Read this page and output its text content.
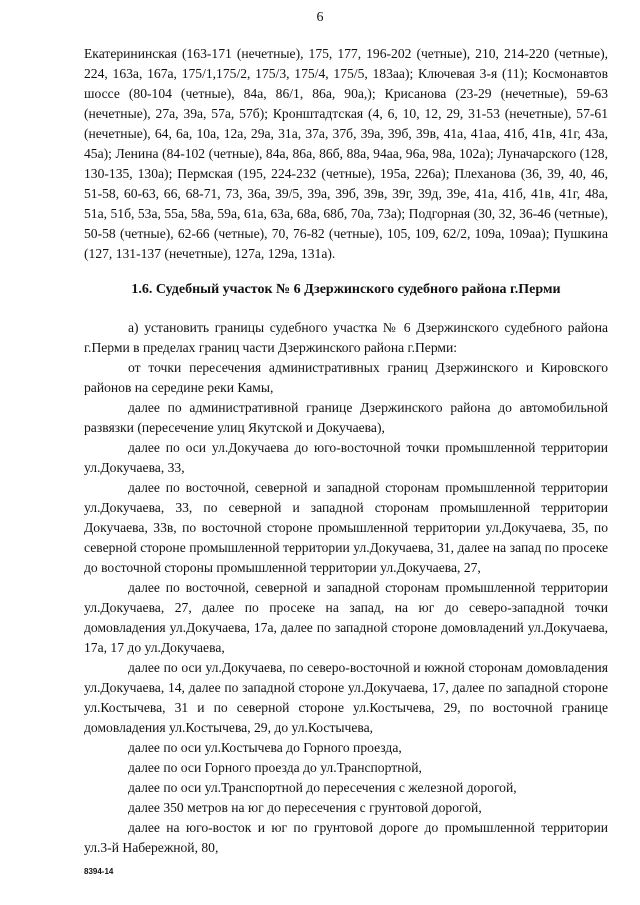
6

Екатерининская (163-171 (нечетные), 175, 177, 196-202 (четные), 210, 214-220 (четные), 224, 163а, 167а, 175/1,175/2, 175/3, 175/4, 175/5, 183аа); Ключевая 3-я (11); Космонавтов шоссе (80-104 (четные), 84а, 86/1, 86а, 90а,); Крисанова (23-29 (нечетные), 59-63 (нечетные), 27а, 39а, 57а, 57б); Кронштадтская (4, 6, 10, 12, 29, 31-53 (нечетные), 57-61 (нечетные), 64, 6а, 10а, 12а, 29а, 31а, 37а, 37б, 39а, 39б, 39в, 41а, 41аа, 41б, 41в, 41г, 43а, 45а); Ленина (84-102 (четные), 84а, 86а, 86б, 88а, 94аа, 96а, 98а, 102а); Луначарского (128, 130-135, 130а); Пермская (195, 224-232 (четные), 195а, 226а); Плеханова (36, 39, 40, 46, 51-58, 60-63, 66, 68-71, 73, 36а, 39/5, 39а, 39б, 39в, 39г, 39д, 39е, 41а, 41б, 41в, 41г, 48а, 51а, 51б, 53а, 55а, 58а, 59а, 61а, 63а, 68а, 68б, 70а, 73а); Подгорная (30, 32, 36-46 (четные), 50-58 (четные), 62-66 (четные), 70, 76-82 (четные), 105, 109, 62/2, 109а, 109аа); Пушкина (127, 131-137 (нечетные), 127а, 129а, 131а).

1.6. Судебный участок № 6 Дзержинского судебного района г.Перми

а) установить границы судебного участка № 6 Дзержинского судебного района г.Перми в пределах границ части Дзержинского района г.Перми:

от точки пересечения административных границ Дзержинского и Кировского районов на середине реки Камы,

далее по административной границе Дзержинского района до автомобильной развязки (пересечение улиц Якутской и Докучаева),

далее по оси ул.Докучаева до юго-восточной точки промышленной территории ул.Докучаева, 33,

далее по восточной, северной и западной сторонам промышленной территории ул.Докучаева, 33, по северной и западной сторонам промышленной территории Докучаева, 33в, по восточной стороне промышленной территории ул.Докучаева, 35, по северной стороне промышленной территории ул.Докучаева, 31, далее на запад по просеке до восточной стороны промышленной территории ул.Докучаева, 27,

далее по восточной, северной и западной сторонам промышленной территории ул.Докучаева, 27, далее по просеке на запад, на юг до северо-западной точки домовладения ул.Докучаева, 17а, далее по западной стороне домовладений ул.Докучаева, 17а, 17 до ул.Докучаева,

далее по оси ул.Докучаева, по северо-восточной и южной сторонам домовладения ул.Докучаева, 14, далее по западной стороне ул.Докучаева, 17, далее по западной стороне ул.Костычева, 31 и по северной стороне ул.Костычева, 29, по восточной границе домовладения ул.Костычева, 29, до ул.Костычева,

далее по оси ул.Костычева до Горного проезда,

далее по оси Горного проезда до ул.Транспортной,

далее по оси ул.Транспортной до пересечения с железной дорогой,

далее 350 метров на юг до пересечения с грунтовой дорогой,

далее на юго-восток и юг по грунтовой дороге до промышленной территории ул.3-й Набережной, 80,

8394-14
